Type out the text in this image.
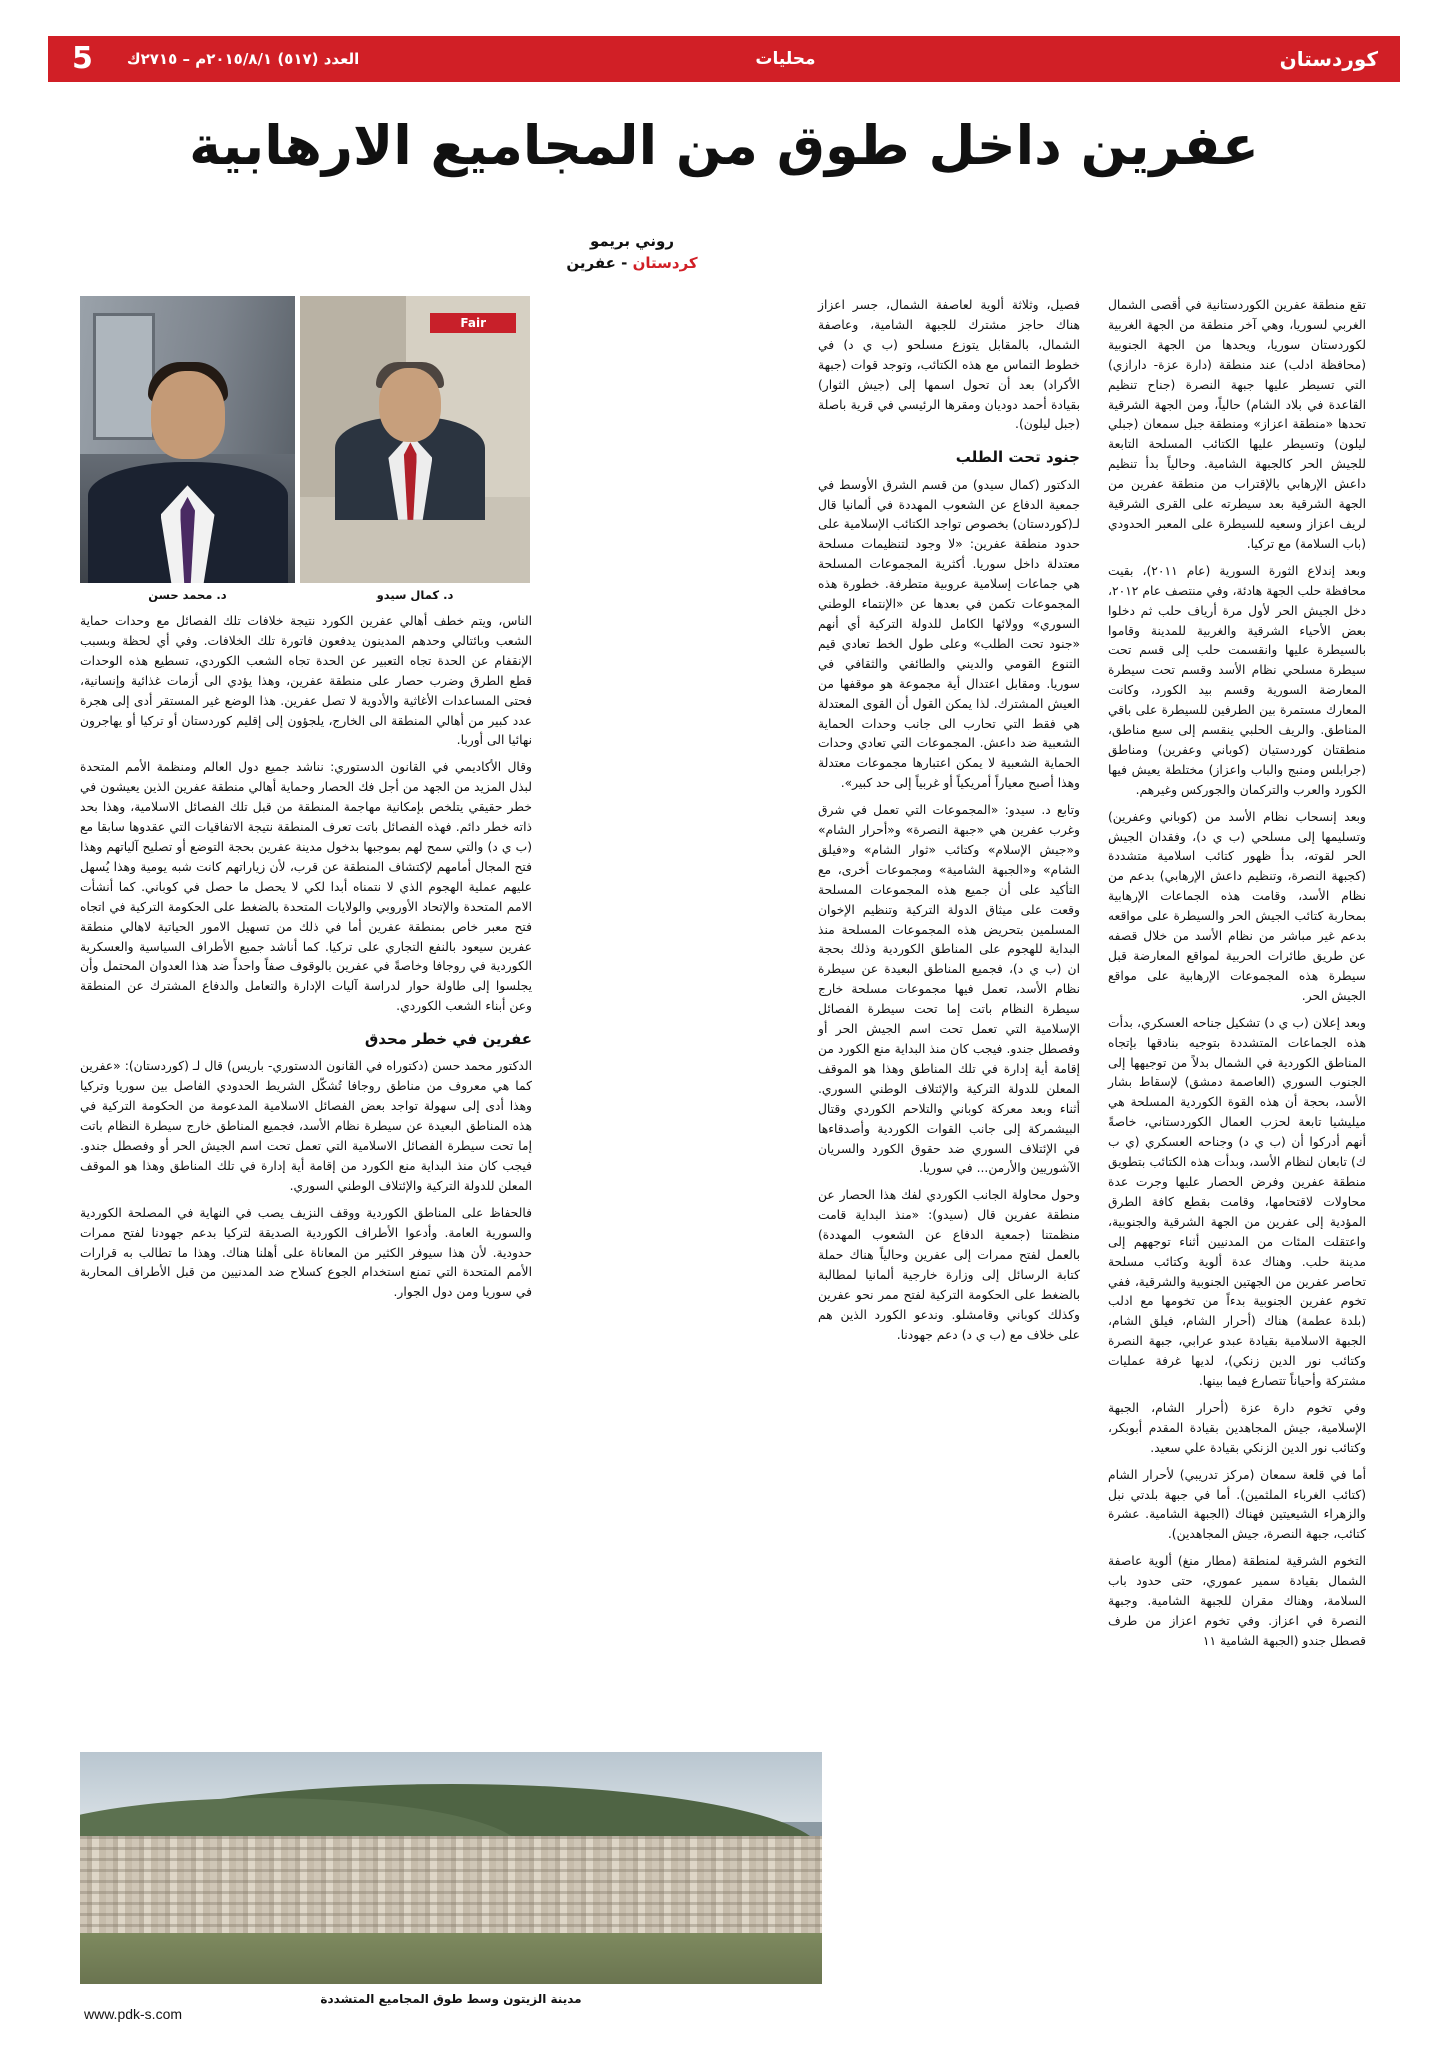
كوردستان
محليات
العدد (٥١٧) ٢٠١٥/٨/١م – ٢٧١٥ك
5
عفرين داخل طوق من المجاميع الارهابية
روني بريمو
كردستان - عفرين
د. محمد حسن
Fair
د. كمال سيدو

تقع منطقة عفرين الكوردستانية في أقصى الشمال الغربي لسوريا، وهي آخر منطقة من الجهة الغربية لكوردستان سوريا، ويحدها من الجهة الجنوبية (محافظة ادلب) عند منطقة (دارة عزة- دارازي) التي تسيطر عليها جبهة النصرة (جناح تنظيم القاعدة في بلاد الشام) حالياً، ومن الجهة الشرقية تحدها «منطقة اعزاز» ومنطقة جبل سمعان (جبلي ليلون) وتسيطر عليها الكتائب المسلحة التابعة للجيش الحر كالجبهة الشامية. وحالياً بدأ تنظيم داعش الإرهابي بالإقتراب من منطقة عفرين من الجهة الشرقية بعد سيطرته على القرى الشرقية لريف اعزاز وسعيه للسيطرة على المعبر الحدودي (باب السلامة) مع تركيا.

وبعد إندلاع الثورة السورية (عام ٢٠١١)، بقيت محافظة حلب الجهة هادئة، وفي منتصف عام ٢٠١٢، دخل الجيش الحر لأول مرة أرياف حلب ثم دخلوا بعض الأحياء الشرقية والغربية للمدينة وقاموا بالسيطرة عليها وانقسمت حلب إلى قسم تحت سيطرة مسلحي نظام الأسد وقسم تحت سيطرة المعارضة السورية وقسم بيد الكورد، وكانت المعارك مستمرة بين الطرفين للسيطرة على باقي المناطق. والريف الحلبي ينقسم إلى سبع مناطق، منطقتان كوردستيان (كوباني وعفرين) ومناطق (جرابلس ومنبج والباب واعزاز) مختلطة يعيش فيها الكورد والعرب والتركمان والجوركس وغيرهم.

وبعد إنسحاب نظام الأسد من (كوباني وعفرين) وتسليمها إلى مسلحي (ب ي د)، وفقدان الجيش الحر لقوته، بدأ ظهور كتائب اسلامية متشددة (كجبهة النصرة، وتنظيم داعش الإرهابي) بدعم من نظام الأسد، وقامت هذه الجماعات الإرهابية بمحاربة كتائب الجيش الحر والسيطرة على مواقعه بدعم غير مباشر من نظام الأسد من خلال قصفه عن طريق طائرات الحربية لمواقع المعارضة قبل سيطرة هذه المجموعات الإرهابية على مواقع الجيش الحر.

وبعد إعلان (ب ي د) تشكيل جناحه العسكري، بدأت هذه الجماعات المتشددة بتوجيه بنادقها بإتجاه المناطق الكوردية في الشمال بدلاً من توجيهها إلى الجنوب السوري (العاصمة دمشق) لإسقاط بشار الأسد، بحجة أن هذه القوة الكوردية المسلحة هي ميليشيا تابعة لحزب العمال الكوردستاني، خاصةً أنهم أدركوا أن (ب ي د) وجناحه العسكري (ي ب ك) تابعان لنظام الأسد، وبدأت هذه الكتائب بتطويق منطقة عفرين وفرض الحصار عليها وجرت عدة محاولات لاقتحامها، وقامت بقطع كافة الطرق المؤدية إلى عفرين من الجهة الشرقية والجنوبية، واعتقلت المئات من المدنيين أثناء توجههم إلى مدينة حلب. وهناك عدة ألوية وكتائب مسلحة تحاصر عفرين من الجهتين الجنوبية والشرقية، ففي تخوم عفرين الجنوبية بدءاً من تخومها مع ادلب (بلدة عطمة) هناك (أحرار الشام، فيلق الشام، الجبهة الاسلامية بقيادة عبدو عرابي، جبهة النصرة وكتائب نور الدين زنكي)، لديها غرفة عمليات مشتركة وأحياناً تتصارع فيما بينها.

وفي تخوم دارة عزة (أحرار الشام، الجبهة الإسلامية، جيش المجاهدين بقيادة المقدم أبوبكر، وكتائب نور الدين الزنكي بقيادة علي سعيد.

أما في قلعة سمعان (مركز تدريبي) لأحرار الشام (كتائب الغرباء الملثمين). أما في جبهة بلدتي نبل والزهراء الشيعيتين فهناك (الجبهة الشامية. عشرة كتائب، جبهة النصرة، جيش المجاهدين).

التخوم الشرقية لمنطقة (مطار منغ) ألوية عاصفة الشمال بقيادة سمير عموري، حتى حدود باب السلامة، وهناك مقران للجبهة الشامية. وجبهة النصرة في اعزاز. وفي تخوم اعزاز من طرف قصطل جندو (الجبهة الشامية ١١

فصيل، وثلاثة ألوية لعاصفة الشمال، جسر اعزاز هناك حاجز مشترك للجبهة الشامية، وعاصفة الشمال، بالمقابل يتوزع مسلحو (ب ي د) في خطوط التماس مع هذه الكتائب، وتوجد قوات (جبهة الأكراد) بعد أن تحول اسمها إلى (جيش الثوار) بقيادة أحمد دوديان ومقرها الرئيسي في قرية باصلة (جبل ليلون).

جنود تحت الطلب

الدكتور (كمال سيدو) من قسم الشرق الأوسط في جمعية الدفاع عن الشعوب المهددة في ألمانيا قال لـ(كوردستان) بخصوص تواجد الكتائب الإسلامية على حدود منطقة عفرين: «لا وجود لتنظيمات مسلحة معتدلة داخل سوريا. أكثرية المجموعات المسلحة هي جماعات إسلامية عروبية متطرفة. خطورة هذه المجموعات تكمن في بعدها عن «الإنتماء الوطني السوري» وولائها الكامل للدولة التركية أي أنهم «جنود تحت الطلب» وعلى طول الخط تعادي قيم التنوع القومي والديني والطائفي والثقافي في سوريا. ومقابل اعتدال أية مجموعة هو موقفها من العيش المشترك. لذا يمكن القول أن القوى المعتدلة هي فقط التي تحارب الى جانب وحدات الحماية الشعبية ضد داعش. المجموعات التي تعادي وحدات الحماية الشعبية لا يمكن اعتبارها مجموعات معتدلة وهذا أصبح معياراً أمريكياً أو غربياً إلى حد كبير».

وتابع د. سيدو: «المجموعات التي تعمل في شرق وغرب عفرين هي «جبهة النصرة» و«أحرار الشام» و«جيش الإسلام» وكتائب «ثوار الشام» و«فيلق الشام» و«الجبهة الشامية» ومجموعات أخرى، مع التأكيد على أن جميع هذه المجموعات المسلحة وقعت على ميثاق الدولة التركية وتنظيم الإخوان المسلمين بتحريض هذه المجموعات المسلحة منذ البداية للهجوم على المناطق الكوردية وذلك بحجة ان (ب ي د)، فجميع المناطق البعيدة عن سيطرة نظام الأسد، تعمل فيها مجموعات مسلحة خارج سيطرة النظام باتت إما تحت سيطرة الفصائل الإسلامية التي تعمل تحت اسم الجيش الحر أو وفصطل جندو. فيجب كان منذ البداية منع الكورد من إقامة أية إدارة في تلك المناطق وهذا هو الموقف المعلن للدولة التركية والإئتلاف الوطني السوري. أثناء وبعد معركة كوباني والتلاحم الكوردي وقتال البيشمركة إلى جانب القوات الكوردية وأصدقاءها في الإئتلاف السوري ضد حقوق الكورد والسريان الآشوريين والأرمن... في سوريا.

وحول محاولة الجانب الكوردي لفك هذا الحصار عن منطقة عفرين قال (سيدو): «منذ البداية قامت منظمتنا (جمعية الدفاع عن الشعوب المهددة) بالعمل لفتح ممرات إلى عفرين وحالياً هناك حملة كتابة الرسائل إلى وزارة خارجية ألمانيا لمطالبة بالضغط على الحكومة التركية لفتح ممر نحو عفرين وكذلك كوباني وقامشلو. وندعو الكورد الذين هم على خلاف مع (ب ي د) دعم جهودنا.

الناس، ويتم خطف أهالي عفرين الكورد نتيجة خلافات تلك الفصائل مع وحدات حماية الشعب وبائتالي وحدهم المدينون يدفعون فاتورة تلك الخلافات. وفي أي لحظة وبسبب الإنقفام عن الحدة تجاه التعبير عن الحدة تجاه الشعب الكوردي، تسطيع هذه الوحدات قطع الطرق وضرب حصار على منطقة عفرين، وهذا يؤدي الى أزمات غذائية وإنسانية، فحتى المساعدات الأغاثية والأدوية لا تصل عفرين. هذا الوضع غير المستقر أدى إلى هجرة عدد كبير من أهالي المنطقة الى الخارج، يلجؤون إلى إقليم كوردستان أو تركيا أو يهاجرون نهائيا الى أوربا.

وقال الأكاديمي في القانون الدستوري: نناشد جميع دول العالم ومنظمة الأمم المتحدة لبذل المزيد من الجهد من أجل فك الحصار وحماية أهالي منطقة عفرين الذين يعيشون في خطر حقيقي يتلخص بإمكانية مهاجمة المنطقة من قبل تلك الفصائل الاسلامية، وهذا بحد ذاته خطر دائم. فهذه الفصائل باتت تعرف المنطقة نتيجة الاتفاقيات التي عقدوها سابقا مع (ب ي د) والتي سمح لهم بموجبها بدخول مدينة عفرين بحجة التوضع أو تصليح آلياتهم وهذا فتح المجال أمامهم لإكتشاف المنطقة عن قرب، لأن زياراتهم كانت شبه يومية وهذا يُسهل عليهم عملية الهجوم الذي لا نتمناه أبدا لكي لا يحصل ما حصل في كوباني. كما أنشأت الامم المتحدة والإتحاد الأوروبي والولايات المتحدة بالضغط على الحكومة التركية في اتجاه فتح معبر خاص بمنطقة عفرين أما في ذلك من تسهيل الامور الحياتية لاهالي منطقة عفرين سيعود بالنفع التجاري على تركيا. كما أناشد جميع الأطراف السياسية والعسكرية الكوردية في روجافا وخاصةً في عفرين بالوقوف صفاً واحداً ضد هذا العدوان المحتمل وأن يجلسوا إلى طاولة حوار لدراسة آليات الإدارة والتعامل والدفاع المشترك عن المنطقة وعن أبناء الشعب الكوردي.

عفرين في خطر محدق

الدكتور محمد حسن (دكتوراه في القانون الدستوري- باريس) قال لـ (كوردستان): «عفرين كما هي معروف من مناطق روجافا تُشكّل الشريط الحدودي الفاصل بين سوريا وتركيا وهذا أدى إلى سهولة تواجد بعض الفصائل الاسلامية المدعومة من الحكومة التركية في هذه المناطق البعيدة عن سيطرة نظام الأسد، فجميع المناطق خارج سيطرة النظام باتت إما تحت سيطرة الفصائل الاسلامية التي تعمل تحت اسم الجيش الحر أو وفصطل جندو. فيجب كان منذ البداية منع الكورد من إقامة أية إدارة في تلك المناطق وهذا هو الموقف المعلن للدولة التركية والإئتلاف الوطني السوري.

فالحفاظ على المناطق الكوردية ووقف النزيف يصب في النهاية في المصلحة الكوردية والسورية العامة. وأدعوا الأطراف الكوردية الصديقة لتركيا بدعم جهودنا لفتح ممرات حدودية. لأن هذا سيوفر الكثير من المعاناة على أهلنا هناك. وهذا ما تطالب به قرارات الأمم المتحدة التي تمنع استخدام الجوع كسلاح ضد المدنيين من قبل الأطراف المحاربة في سوريا ومن دول الجوار.

مدينة الزيتون وسط طوق المجاميع المتشددة
www.pdk-s.com
